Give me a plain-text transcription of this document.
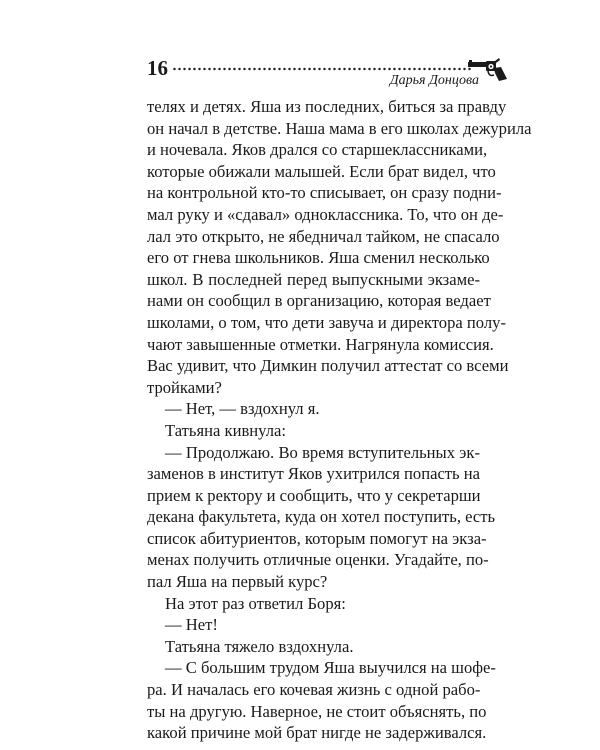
16
Дарья Донцова

телях и детях. Яша из последних, биться за правду
он начал в детстве. Наша мама в его школах дежурила
и ночевала. Яков дрался со старшеклассниками,
которые обижали малышей. Если брат видел, что
на контрольной кто-то списывает, он сразу подни-
мал руку и «сдавал» одноклассника. То, что он де-
лал это открыто, не ябедничал тайком, не спасало
его от гнева школьников. Яша сменил несколько
школ. В последней перед выпускными экзаме-
нами он сообщил в организацию, которая ведает
школами, о том, что дети завуча и директора полу-
чают завышенные отметки. Нагрянула комиссия.
Вас удивит, что Димкин получил аттестат со всеми
тройками?

— Нет, — вздохнул я.

Татьяна кивнула:

— Продолжаю. Во время вступительных эк-
заменов в институт Яков ухитрился попасть на
прием к ректору и сообщить, что у секретарши
декана факультета, куда он хотел поступить, есть
список абитуриентов, которым помогут на экза-
менах получить отличные оценки. Угадайте, по-
пал Яша на первый курс?

На этот раз ответил Боря:

— Нет!

Татьяна тяжело вздохнула.

— С большим трудом Яша выучился на шофе-
ра. И началась его кочевая жизнь с одной рабо-
ты на другую. Наверное, не стоит объяснять, по
какой причине мой брат нигде не задерживался.
